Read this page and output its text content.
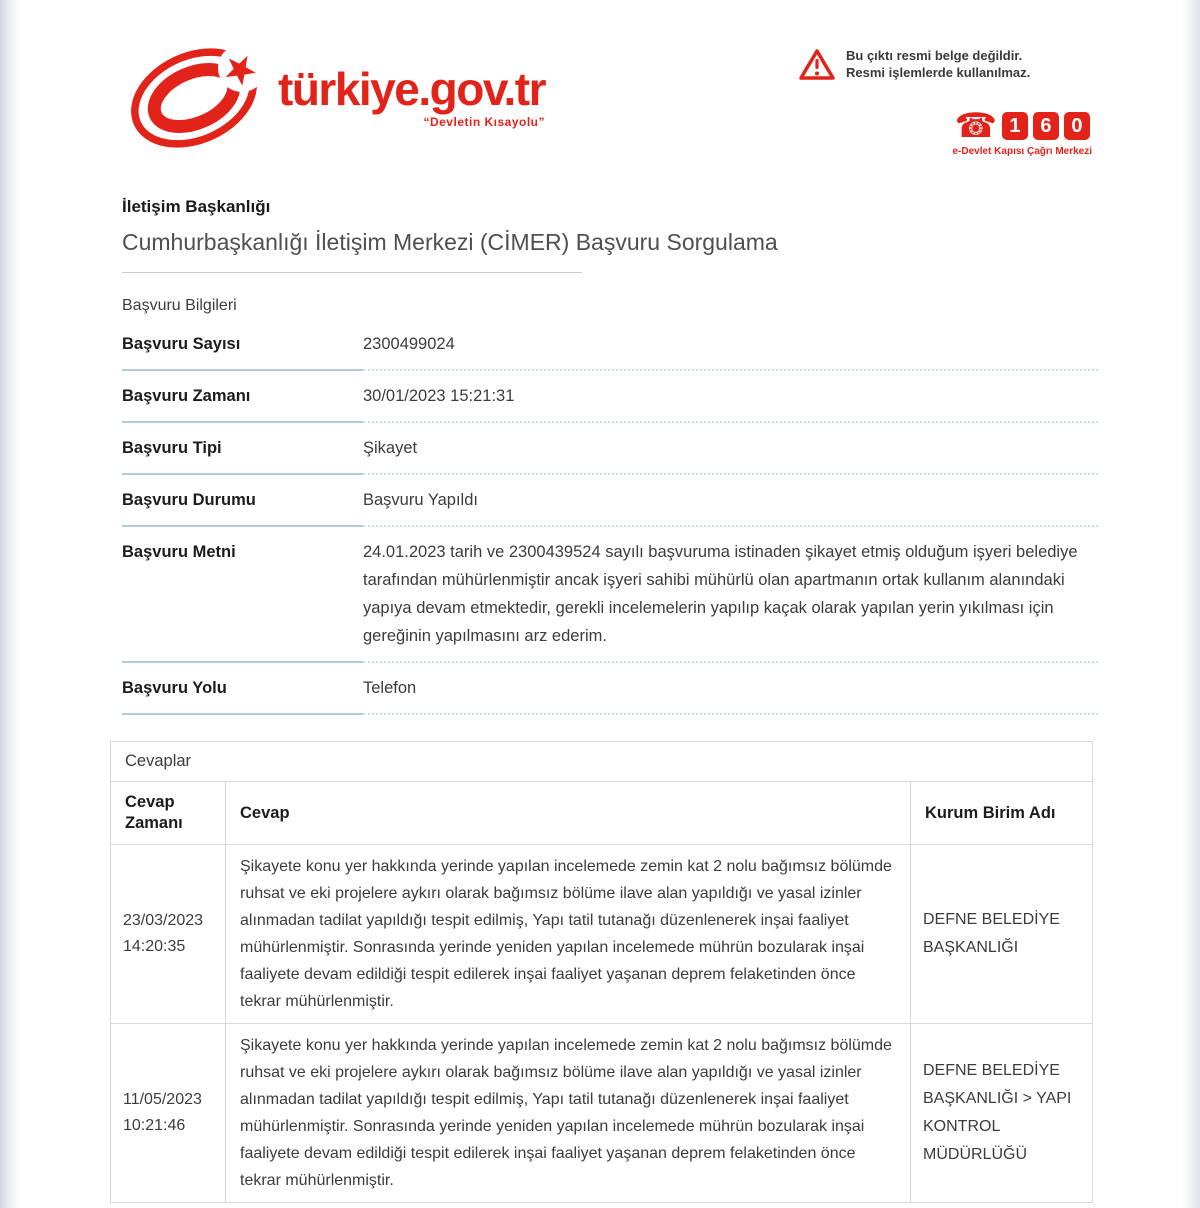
türkiye.gov.tr
“Devletin Kısayolu”
Bu çıktı resmi belge değildir.
Resmi işlemlerde kullanılmaz.
☎ 1 6 0
e-Devlet Kapısı Çağrı Merkezi
İletişim Başkanlığı
Cumhurbaşkanlığı İletişim Merkezi (CİMER) Başvuru Sorgulama
Başvuru Bilgileri
Başvuru Sayısı	2300499024
Başvuru Zamanı	30/01/2023 15:21:31
Başvuru Tipi	Şikayet
Başvuru Durumu	Başvuru Yapıldı
Başvuru Metni	24.01.2023 tarih ve 2300439524 sayılı başvuruma istinaden şikayet etmiş olduğum işyeri belediye tarafından mühürlenmiştir ancak işyeri sahibi mühürlü olan apartmanın ortak kullanım alanındaki yapıya devam etmektedir, gerekli incelemelerin yapılıp kaçak olarak yapılan yerin yıkılması için gereğinin yapılmasını arz ederim.
Başvuru Yolu	Telefon
Cevaplar		
Cevap Zamanı	Cevap	Kurum Birim Adı
23/03/2023 14:20:35	Şikayete konu yer hakkında yerinde yapılan incelemede zemin kat 2 nolu bağımsız bölümde ruhsat ve eki projelere aykırı olarak bağımsız bölüme ilave alan yapıldığı ve yasal izinler alınmadan tadilat yapıldığı tespit edilmiş, Yapı tatil tutanağı düzenlenerek inşai faaliyet mühürlenmiştir. Sonrasında yerinde yeniden yapılan incelemede mührün bozularak inşai faaliyete devam edildiği tespit edilerek inşai faaliyet yaşanan deprem felaketinden önce  tekrar mühürlenmiştir.	DEFNE BELEDİYE BAŞKANLIĞI
11/05/2023 10:21:46	Şikayete konu yer hakkında yerinde yapılan incelemede zemin kat 2 nolu bağımsız bölümde ruhsat ve eki projelere aykırı olarak bağımsız bölüme ilave alan yapıldığı ve yasal izinler alınmadan tadilat yapıldığı tespit edilmiş, Yapı tatil tutanağı düzenlenerek inşai faaliyet mühürlenmiştir. Sonrasında yerinde yeniden yapılan incelemede mührün bozularak inşai faaliyete devam edildiği tespit edilerek inşai faaliyet yaşanan deprem felaketinden önce tekrar mühürlenmiştir.	DEFNE BELEDİYE BAŞKANLIĞI > YAPI KONTROL MÜDÜRLÜĞÜ
